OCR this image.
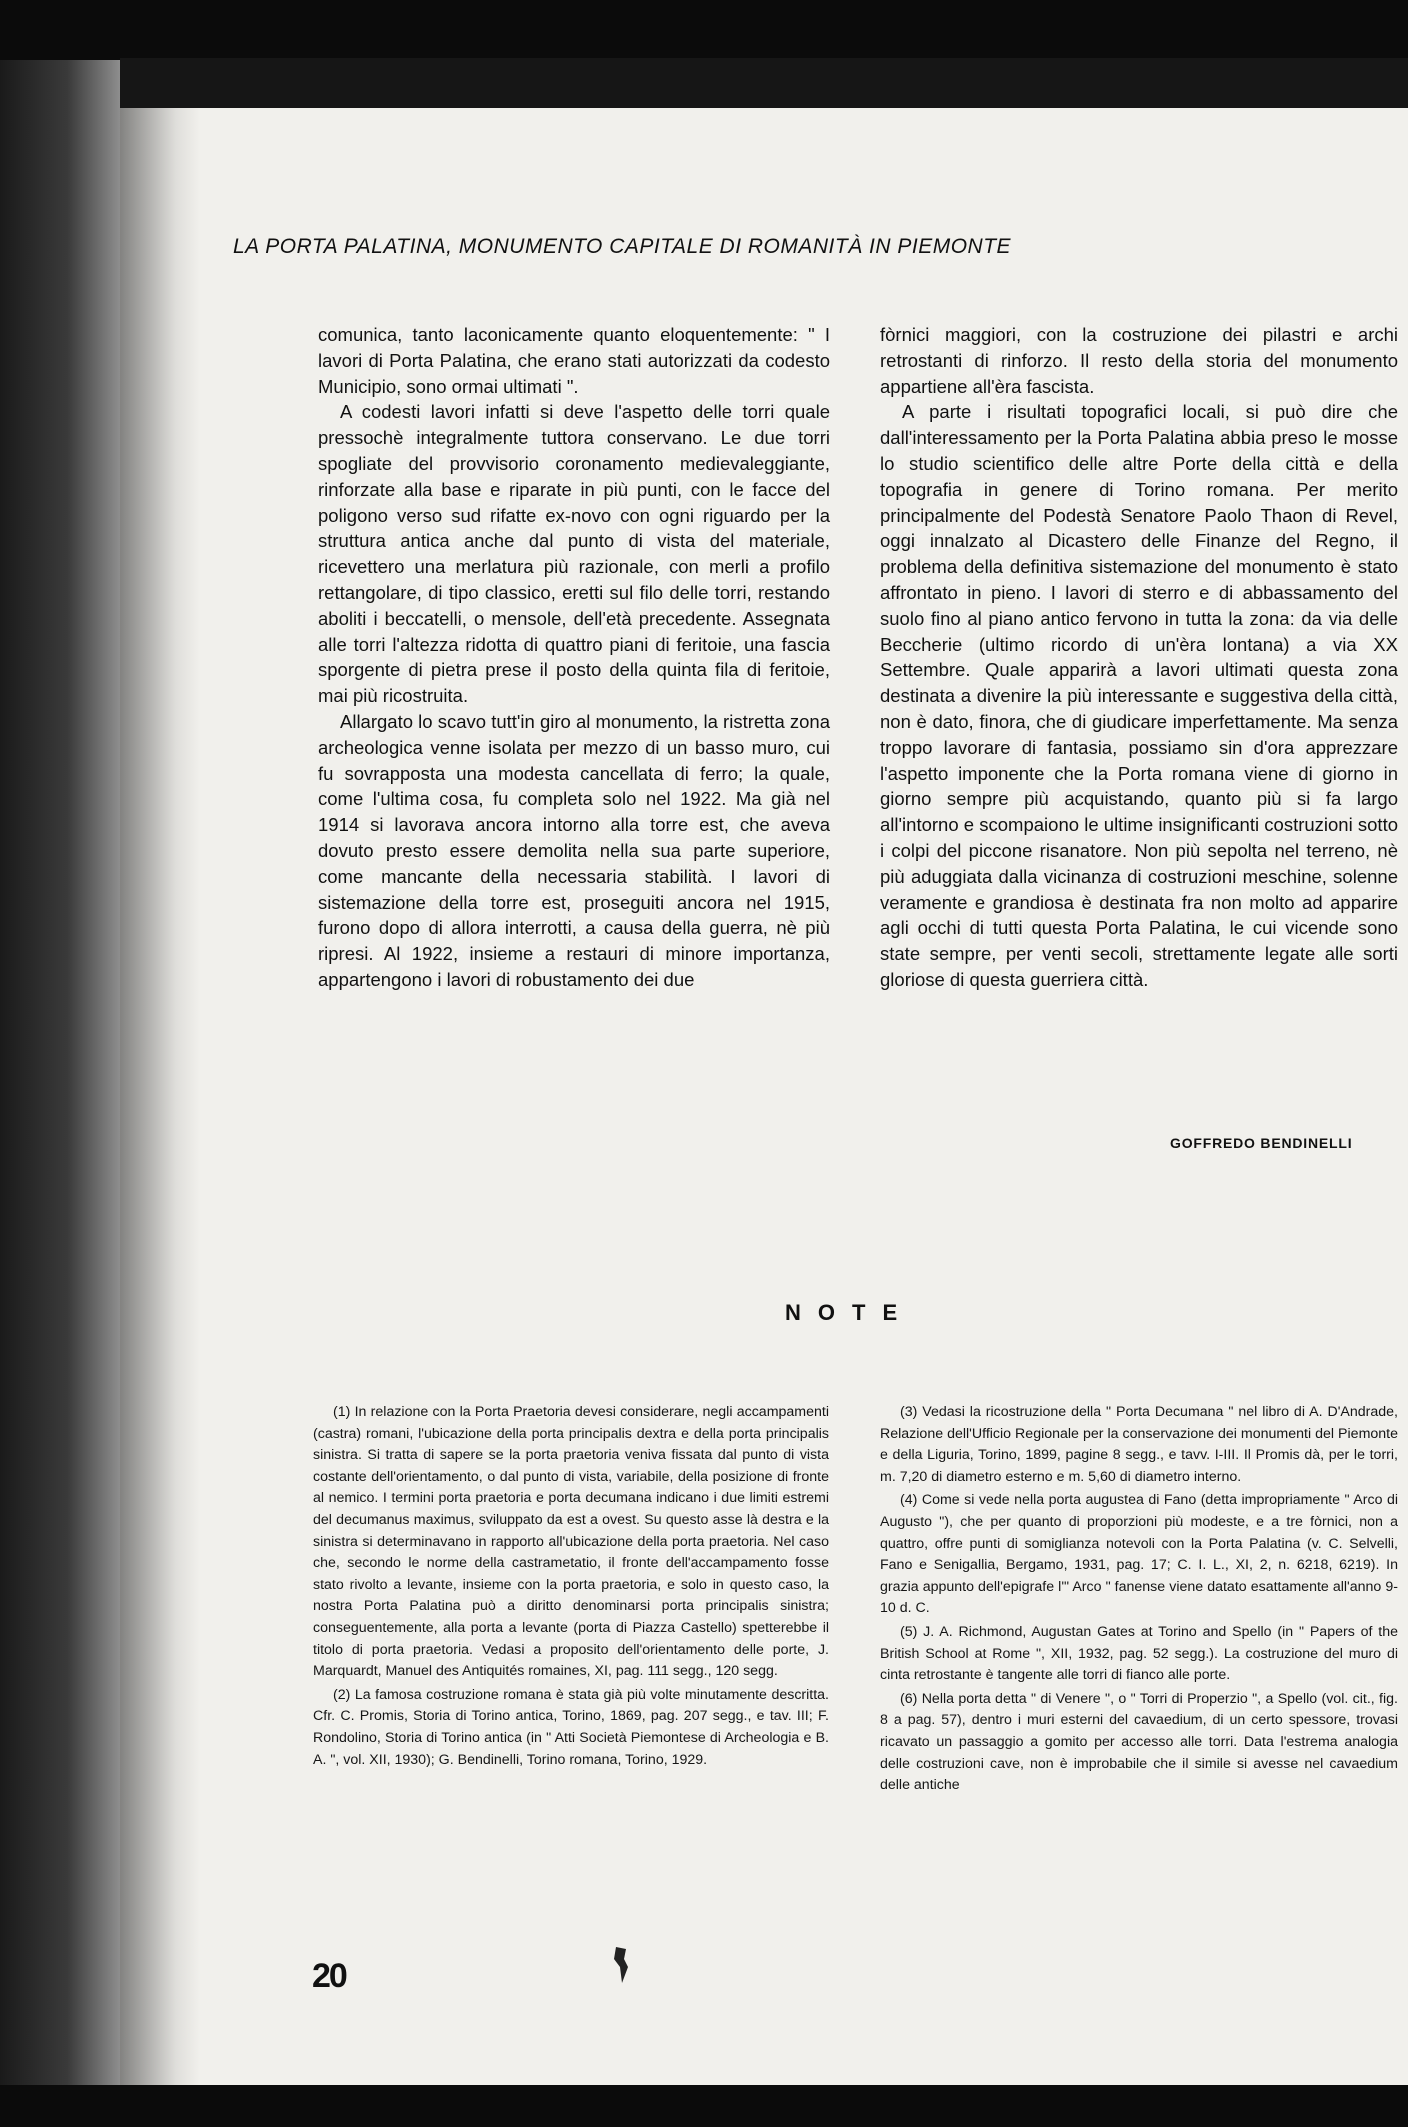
LA PORTA PALATINA, MONUMENTO CAPITALE DI ROMANITÀ IN PIEMONTE

comunica, tanto laconicamente quanto eloquentemente: " I lavori di Porta Palatina, che erano stati autorizzati da codesto Municipio, sono ormai ultimati ".

A codesti lavori infatti si deve l'aspetto delle torri quale pressochè integralmente tuttora conservano. Le due torri spogliate del provvisorio coronamento medievaleggiante, rinforzate alla base e riparate in più punti, con le facce del poligono verso sud rifatte ex-novo con ogni riguardo per la struttura antica anche dal punto di vista del materiale, ricevettero una merlatura più razionale, con merli a profilo rettangolare, di tipo classico, eretti sul filo delle torri, restando aboliti i beccatelli, o mensole, dell'età precedente. Assegnata alle torri l'altezza ridotta di quattro piani di feritoie, una fascia sporgente di pietra prese il posto della quinta fila di feritoie, mai più ricostruita.

Allargato lo scavo tutt'in giro al monumento, la ristretta zona archeologica venne isolata per mezzo di un basso muro, cui fu sovrapposta una modesta cancellata di ferro; la quale, come l'ultima cosa, fu completa solo nel 1922. Ma già nel 1914 si lavorava ancora intorno alla torre est, che aveva dovuto presto essere demolita nella sua parte superiore, come mancante della necessaria stabilità. I lavori di sistemazione della torre est, proseguiti ancora nel 1915, furono dopo di allora interrotti, a causa della guerra, nè più ripresi. Al 1922, insieme a restauri di minore importanza, appartengono i lavori di robustamento dei due

fòrnici maggiori, con la costruzione dei pilastri e archi retrostanti di rinforzo. Il resto della storia del monumento appartiene all'èra fascista.

A parte i risultati topografici locali, si può dire che dall'interessamento per la Porta Palatina abbia preso le mosse lo studio scientifico delle altre Porte della città e della topografia in genere di Torino romana. Per merito principalmente del Podestà Senatore Paolo Thaon di Revel, oggi innalzato al Dicastero delle Finanze del Regno, il problema della definitiva sistemazione del monumento è stato affrontato in pieno. I lavori di sterro e di abbassamento del suolo fino al piano antico fervono in tutta la zona: da via delle Beccherie (ultimo ricordo di un'èra lontana) a via XX Settembre. Quale apparirà a lavori ultimati questa zona destinata a divenire la più interessante e suggestiva della città, non è dato, finora, che di giudicare imperfettamente. Ma senza troppo lavorare di fantasia, possiamo sin d'ora apprezzare l'aspetto imponente che la Porta romana viene di giorno in giorno sempre più acquistando, quanto più si fa largo all'intorno e scompaiono le ultime insignificanti costruzioni sotto i colpi del piccone risanatore. Non più sepolta nel terreno, nè più aduggiata dalla vicinanza di costruzioni meschine, solenne veramente e grandiosa è destinata fra non molto ad apparire agli occhi di tutti questa Porta Palatina, le cui vicende sono state sempre, per venti secoli, strettamente legate alle sorti gloriose di questa guerriera città.

GOFFREDO BENDINELLI
NOTE

(1) In relazione con la Porta Praetoria devesi considerare, negli accampamenti (castra) romani, l'ubicazione della porta principalis dextra e della porta principalis sinistra. Si tratta di sapere se la porta praetoria veniva fissata dal punto di vista costante dell'orientamento, o dal punto di vista, variabile, della posizione di fronte al nemico. I termini porta praetoria e porta decumana indicano i due limiti estremi del decumanus maximus, sviluppato da est a ovest. Su questo asse là destra e la sinistra si determinavano in rapporto all'ubicazione della porta praetoria. Nel caso che, secondo le norme della castrametatio, il fronte dell'accampamento fosse stato rivolto a levante, insieme con la porta praetoria, e solo in questo caso, la nostra Porta Palatina può a diritto denominarsi porta principalis sinistra; conseguentemente, alla porta a levante (porta di Piazza Castello) spetterebbe il titolo di porta praetoria. Vedasi a proposito dell'orientamento delle porte, J. Marquardt, Manuel des Antiquités romaines, XI, pag. 111 segg., 120 segg.

(2) La famosa costruzione romana è stata già più volte minutamente descritta. Cfr. C. Promis, Storia di Torino antica, Torino, 1869, pag. 207 segg., e tav. III; F. Rondolino, Storia di Torino antica (in " Atti Società Piemontese di Archeologia e B. A. ", vol. XII, 1930); G. Bendinelli, Torino romana, Torino, 1929.

(3) Vedasi la ricostruzione della " Porta Decumana " nel libro di A. D'Andrade, Relazione dell'Ufficio Regionale per la conservazione dei monumenti del Piemonte e della Liguria, Torino, 1899, pagine 8 segg., e tavv. I-III. Il Promis dà, per le torri, m. 7,20 di diametro esterno e m. 5,60 di diametro interno.

(4) Come si vede nella porta augustea di Fano (detta impropriamente " Arco di Augusto "), che per quanto di proporzioni più modeste, e a tre fòrnici, non a quattro, offre punti di somiglianza notevoli con la Porta Palatina (v. C. Selvelli, Fano e Senigallia, Bergamo, 1931, pag. 17; C. I. L., XI, 2, n. 6218, 6219). In grazia appunto dell'epigrafe l'" Arco " fanense viene datato esattamente all'anno 9-10 d. C.

(5) J. A. Richmond, Augustan Gates at Torino and Spello (in " Papers of the British School at Rome ", XII, 1932, pag. 52 segg.). La costruzione del muro di cinta retrostante è tangente alle torri di fianco alle porte.

(6) Nella porta detta " di Venere ", o " Torri di Properzio ", a Spello (vol. cit., fig. 8 a pag. 57), dentro i muri esterni del cavaedium, di un certo spessore, trovasi ricavato un passaggio a gomito per accesso alle torri. Data l'estrema analogia delle costruzioni cave, non è improbabile che il simile si avesse nel cavaedium delle antiche

20
